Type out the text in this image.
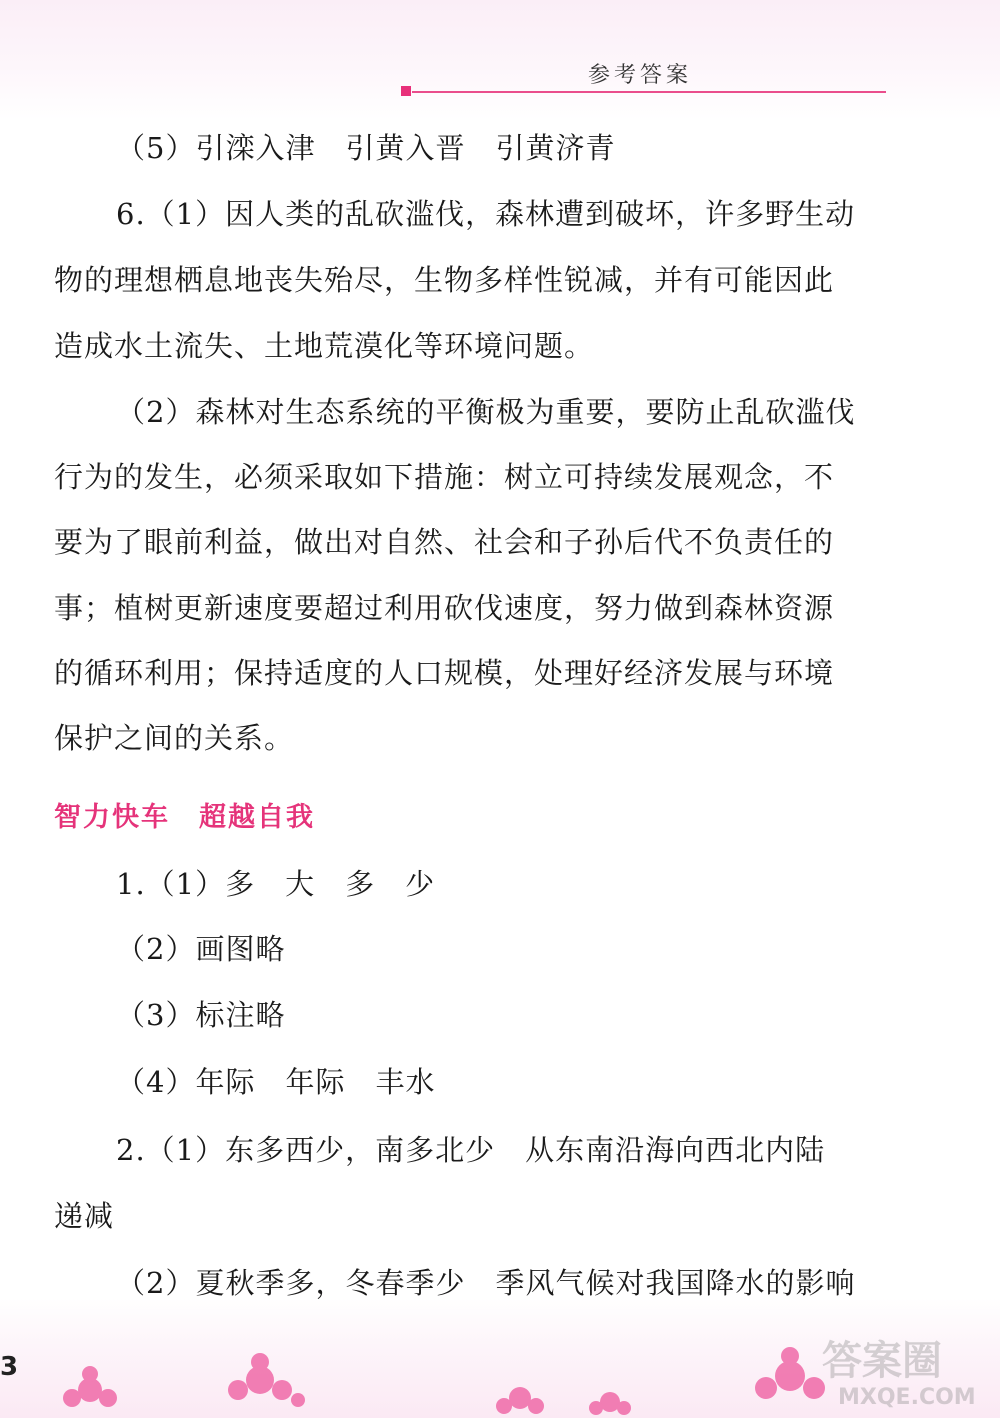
参考答案
（5）引滦入津　引黄入晋　引黄济青
6.（1）因人类的乱砍滥伐，森林遭到破坏，许多野生动
物的理想栖息地丧失殆尽，生物多样性锐减，并有可能因此
造成水土流失、土地荒漠化等环境问题。
（2）森林对生态系统的平衡极为重要，要防止乱砍滥伐
行为的发生，必须采取如下措施：树立可持续发展观念，不
要为了眼前利益，做出对自然、社会和子孙后代不负责任的
事；植树更新速度要超过利用砍伐速度，努力做到森林资源
的循环利用；保持适度的人口规模，处理好经济发展与环境
保护之间的关系。
智力快车　超越自我
1.（1）多　大　多　少
（2）画图略
（3）标注略
（4）年际　年际　丰水
2.（1）东多西少，南多北少　从东南沿海向西北内陆
递减
（2）夏秋季多，冬春季少　季风气候对我国降水的影响
3	答案圈
MXQE.COM
